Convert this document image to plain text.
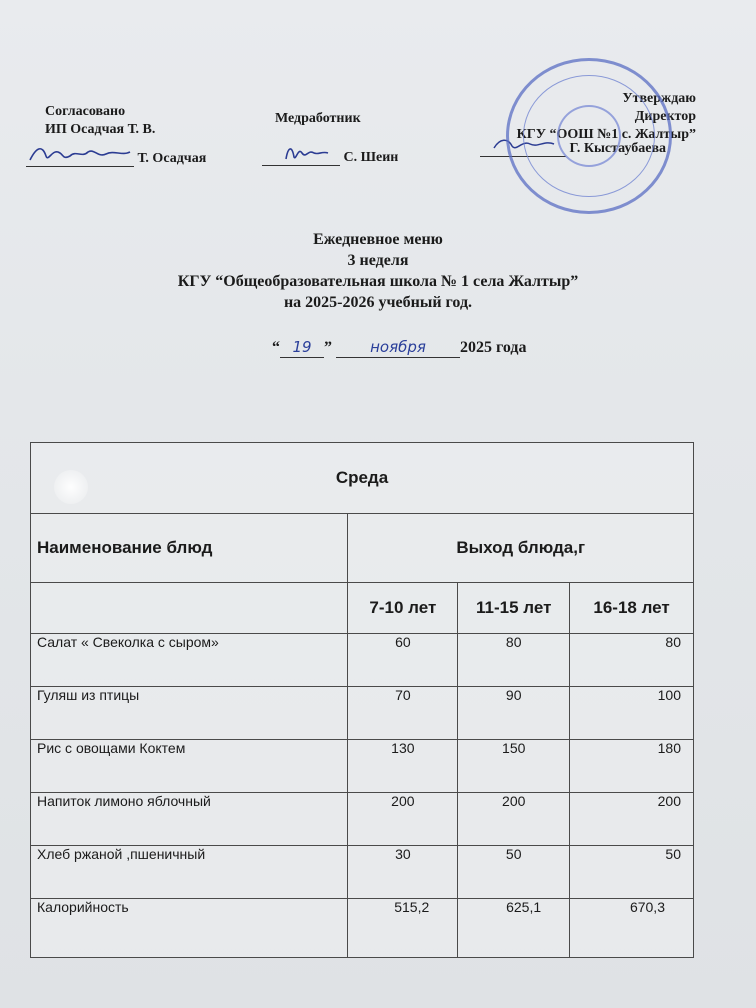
Согласовано
ИП Осадчая Т. В.
Медработник
Утверждаю
Директор
КГУ “ООШ №1 с. Жалтыр”
Т. Осадчая	С. Шеин
Г. Кыстаубаева
Ежедневное меню
3 неделя
КГУ “Общеобразовательная школа № 1 села Жалтыр”
на 2025-2026 учебный год.
“ 19 ”	ноября 2025 года
Среда			
Наименование блюд	Выход блюда,г		
	7-10 лет	11-15 лет	16-18 лет
Салат « Свеколка с сыром»	60	80	80
Гуляш из птицы	70	90	100
Рис с овощами Коктем	130	150	180
Напиток лимоно яблочный	200	200	200
Хлеб ржаной ,пшеничный	30	50	50
Калорийность	515,2	625,1	670,3
